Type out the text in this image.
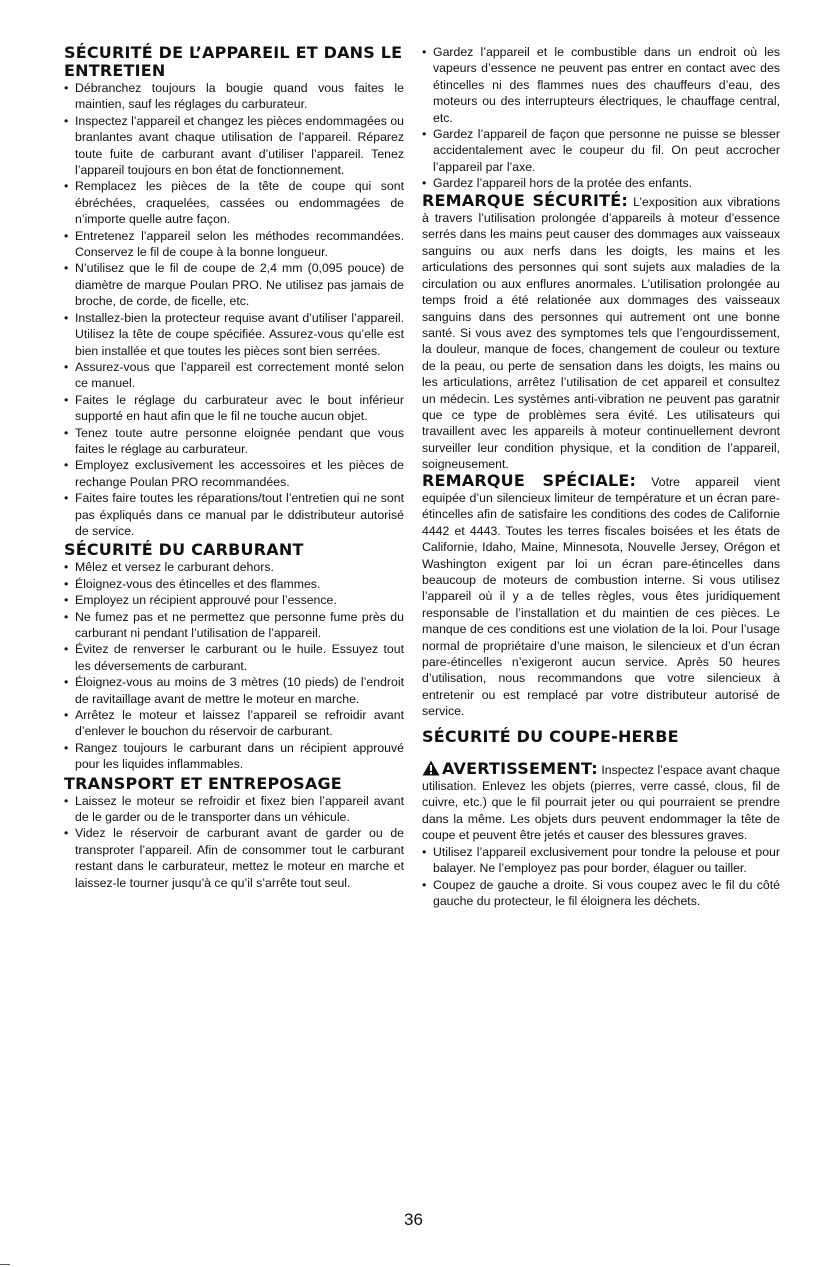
SÉCURITÉ DE L’APPAREIL ET DANS LE ENTRETIEN
• Débranchez toujours la bougie quand vous faites le maintien, sauf les réglages du carburateur.
• Inspectez l’appareil et changez les pièces endommagées ou branlantes avant chaque utilisation de l’appareil. Réparez toute fuite de carburant avant d’utiliser l’appareil. Tenez l’appareil toujours en bon état de fonctionnement.
• Remplacez les pièces de la tête de coupe qui sont ébréchées, craquelées, cassées ou endommagées de n’importe quelle autre façon.
• Entretenez l’appareil selon les méthodes recommandées. Conservez le fil de coupe à la bonne longueur.
• N’utilisez que le fil de coupe de 2,4 mm (0,095 pouce) de diamètre de marque Poulan PRO. Ne utilisez pas jamais de broche, de corde, de ficelle, etc.
• Installez-bien la protecteur requise avant d’utiliser l’appareil. Utilisez la tête de coupe spécifiée. Assurez-vous qu’elle est bien installée et que toutes les pièces sont bien serrées.
• Assurez-vous que l’appareil est correctement monté selon ce manuel.
• Faites le réglage du carburateur avec le bout inférieur supporté en haut afin que le fil ne touche aucun objet.
• Tenez toute autre personne eloignée pendant que vous faites le réglage au carburateur.
• Employez exclusivement les accessoires et les pièces de rechange Poulan PRO recommandées.
• Faites faire toutes les réparations/tout l’entretien qui ne sont pas éxpliqués dans ce manual par le ddistributeur autorisé de service.
SÉCURITÉ DU CARBURANT
• Mêlez et versez le carburant dehors.
• Éloignez-vous des étincelles et des flammes.
• Employez un récipient approuvé pour l’essence.
• Ne fumez pas et ne permettez que personne fume près du carburant ni pendant l’utilisation de l’appareil.
• Évitez de renverser le carburant ou le huile. Essuyez tout les déversements de carburant.
• Éloignez-vous au moins de 3 mètres (10 pieds) de l’endroit de ravitaillage avant de mettre le moteur en marche.
• Arrêtez le moteur et laissez l’appareil se refroidir avant d’enlever le bouchon du réservoir de carburant.
• Rangez toujours le carburant dans un récipient approuvé pour les liquides inflammables.
TRANSPORT ET ENTREPOSAGE
• Laissez le moteur se refroidir et fixez bien l’appareil avant de le garder ou de le transporter dans un véhicule.
• Videz le réservoir de carburant avant de garder ou de transproter l’appareil. Afin de consommer tout le carburant restant dans le carburateur, mettez le moteur en marche et laissez-le tourner jusqu’à ce qu’il s’arrête tout seul.
• Gardez l’appareil et le combustible dans un endroit où les vapeurs d’essence ne peuvent pas entrer en contact avec des étincelles ni des flammes nues des chauffeurs d’eau, des moteurs ou des interrupteurs électriques, le chauffage central, etc.
• Gardez l’appareil de façon que personne ne puisse se blesser accidentalement avec le coupeur du fil. On peut accrocher l’appareil par l’axe.
• Gardez l’appareil hors de la protée des enfants.

REMARQUE SÉCURITÉ: L’exposition aux vibrations à travers l’utilisation prolongée d’appareils à moteur d’essence serrés dans les mains peut causer des dommages aux vaisseaux sanguins ou aux nerfs dans les doigts, les mains et les articulations des personnes qui sont sujets aux maladies de la circulation ou aux enflures anormales. L’utilisation prolongée au temps froid a été relationée aux dommages des vaisseaux sanguins dans des personnes qui autrement ont une bonne santé. Si vous avez des symptomes tels que l’engourdissement, la douleur, manque de foces, changement de couleur ou texture de la peau, ou perte de sensation dans les doigts, les mains ou les articulations, arrêtez l’utilisation de cet appareil et consultez un médecin. Les systèmes anti-vibration ne peuvent pas garatnir que ce type de problèmes sera évité. Les utilisateurs qui travaillent avec les appareils à moteur continuellement devront surveiller leur condition physique, et la condition de l’appareil, soigneusement.

REMARQUE SPÉCIALE: Votre appareil vient equipée d’un silencieux limiteur de température et un écran pare-étincelles afin de satisfaire les conditions des codes de Californie 4442 et 4443. Toutes les terres fiscales boisées et les états de Californie, Idaho, Maine, Minnesota, Nouvelle Jersey, Orégon et Washington exigent par loi un écran pare-étincelles dans beaucoup de moteurs de combustion interne. Si vous utilisez l’appareil où il y a de telles règles, vous êtes juridiquement responsable de l’installation et du maintien de ces pièces. Le manque de ces conditions est une violation de la loi. Pour l’usage normal de propriétaire d’une maison, le silencieux et d’un écran pare-étincelles n’exigeront aucun service. Après 50 heures d’utilisation, nous recommandons que votre silencieux à entretenir ou est remplacé par votre distributeur autorisé de service.

SÉCURITÉ DU COUPE-HERBE

AVERTISSEMENT: Inspectez l’espace avant chaque utilisation. Enlevez les objets (pierres, verre cassé, clous, fil de cuivre, etc.) que le fil pourrait jeter ou qui pourraient se prendre dans la même. Les objets durs peuvent endommager la tête de coupe et peuvent être jetés et causer des blessures graves.

• Utilisez l’appareil exclusivement pour tondre la pelouse et pour balayer. Ne l’employez pas pour border, élaguer ou tailler.
• Coupez de gauche a droite. Si vous coupez avec le fil du côté gauche du protecteur, le fil éloignera les déchets.
36
